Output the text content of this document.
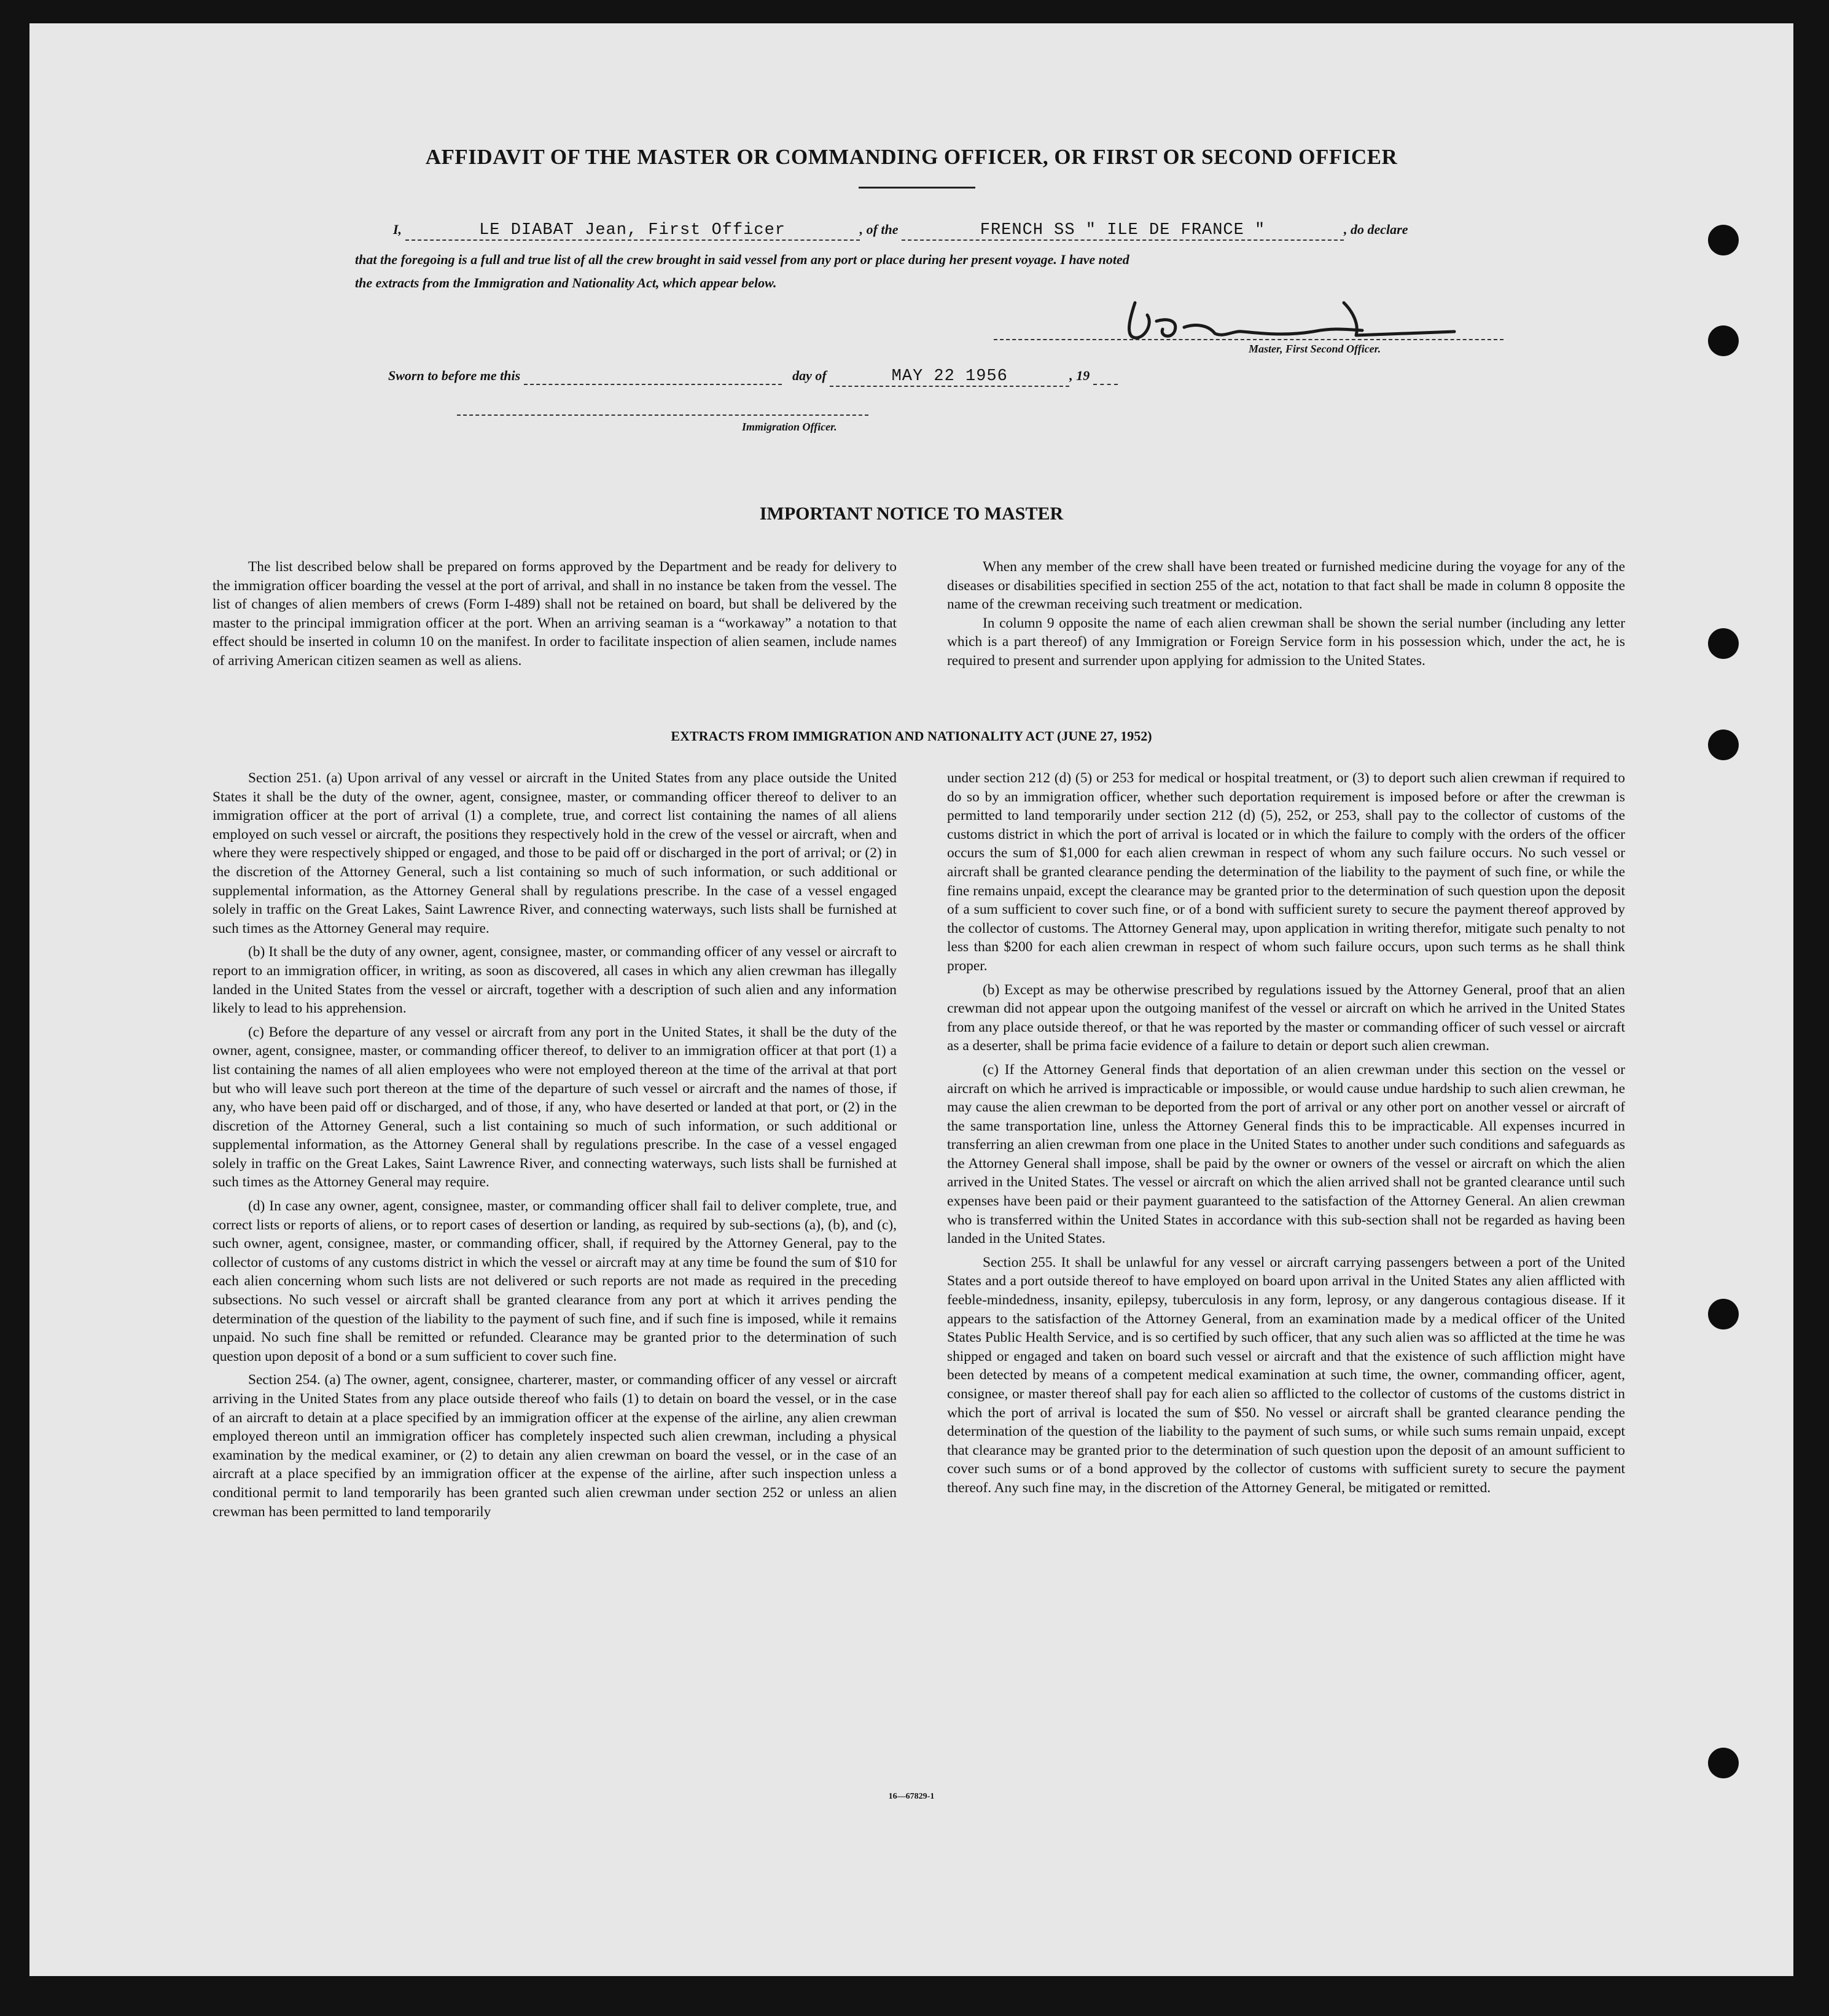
AFFIDAVIT OF THE MASTER OR COMMANDING OFFICER, OR FIRST OR SECOND OFFICER
I,	LE DIABAT Jean, First Officer	, of the	FRENCH SS " ILE DE FRANCE "	, do declare
that the foregoing is a full and true list of all the crew brought in said vessel from any port or place during her present voyage. I have noted
the extracts from the Immigration and Nationality Act, which appear below.
Master, First Second Officer.
Sworn to before me this	day of	MAY 22 1956	, 19
Immigration Officer.
IMPORTANT NOTICE TO MASTER

The list described below shall be prepared on forms approved by the Department and be ready for delivery to the immigration officer boarding the vessel at the port of arrival, and shall in no instance be taken from the vessel. The list of changes of alien members of crews (Form I-489) shall not be retained on board, but shall be delivered by the master to the principal immigration officer at the port. When an arriving seaman is a “workaway” a notation to that effect should be inserted in column 10 on the manifest. In order to facilitate inspection of alien seamen, include names of arriving American citizen seamen as well as aliens.

When any member of the crew shall have been treated or furnished medicine during the voyage for any of the diseases or disabilities specified in section 255 of the act, notation to that fact shall be made in column 8 opposite the name of the crewman receiving such treatment or medication.

In column 9 opposite the name of each alien crewman shall be shown the serial number (including any letter which is a part thereof) of any Immigration or Foreign Service form in his possession which, under the act, he is required to present and surrender upon applying for admission to the United States.

EXTRACTS FROM IMMIGRATION AND NATIONALITY ACT (JUNE 27, 1952)

Section 251. (a) Upon arrival of any vessel or aircraft in the United States from any place outside the United States it shall be the duty of the owner, agent, consignee, master, or commanding officer thereof to deliver to an immigration officer at the port of arrival (1) a complete, true, and correct list containing the names of all aliens employed on such vessel or aircraft, the positions they respectively hold in the crew of the vessel or aircraft, when and where they were respectively shipped or engaged, and those to be paid off or discharged in the port of arrival; or (2) in the discretion of the Attorney General, such a list containing so much of such information, or such additional or supplemental information, as the Attorney General shall by regulations prescribe. In the case of a vessel engaged solely in traffic on the Great Lakes, Saint Lawrence River, and connecting waterways, such lists shall be furnished at such times as the Attorney General may require.

(b) It shall be the duty of any owner, agent, consignee, master, or commanding officer of any vessel or aircraft to report to an immigration officer, in writing, as soon as discovered, all cases in which any alien crewman has illegally landed in the United States from the vessel or aircraft, together with a description of such alien and any information likely to lead to his apprehension.

(c) Before the departure of any vessel or aircraft from any port in the United States, it shall be the duty of the owner, agent, consignee, master, or commanding officer thereof, to deliver to an immigration officer at that port (1) a list containing the names of all alien employees who were not employed thereon at the time of the arrival at that port but who will leave such port thereon at the time of the departure of such vessel or aircraft and the names of those, if any, who have been paid off or discharged, and of those, if any, who have deserted or landed at that port, or (2) in the discretion of the Attorney General, such a list containing so much of such information, or such additional or supplemental information, as the Attorney General shall by regulations prescribe. In the case of a vessel engaged solely in traffic on the Great Lakes, Saint Lawrence River, and connecting waterways, such lists shall be furnished at such times as the Attorney General may require.

(d) In case any owner, agent, consignee, master, or commanding officer shall fail to deliver complete, true, and correct lists or reports of aliens, or to report cases of desertion or landing, as required by sub-sections (a), (b), and (c), such owner, agent, consignee, master, or commanding officer, shall, if required by the Attorney General, pay to the collector of customs of any customs district in which the vessel or aircraft may at any time be found the sum of $10 for each alien concerning whom such lists are not delivered or such reports are not made as required in the preceding subsections. No such vessel or aircraft shall be granted clearance from any port at which it arrives pending the determination of the question of the liability to the payment of such fine, and if such fine is imposed, while it remains unpaid. No such fine shall be remitted or refunded. Clearance may be granted prior to the determination of such question upon deposit of a bond or a sum sufficient to cover such fine.

Section 254. (a) The owner, agent, consignee, charterer, master, or commanding officer of any vessel or aircraft arriving in the United States from any place outside thereof who fails (1) to detain on board the vessel, or in the case of an aircraft to detain at a place specified by an immigration officer at the expense of the airline, any alien crewman employed thereon until an immigration officer has completely inspected such alien crewman, including a physical examination by the medical examiner, or (2) to detain any alien crewman on board the vessel, or in the case of an aircraft at a place specified by an immigration officer at the expense of the airline, after such inspection unless a conditional permit to land temporarily has been granted such alien crewman under section 252 or unless an alien crewman has been permitted to land temporarily

under section 212 (d) (5) or 253 for medical or hospital treatment, or (3) to deport such alien crewman if required to do so by an immigration officer, whether such deportation requirement is imposed before or after the crewman is permitted to land temporarily under section 212 (d) (5), 252, or 253, shall pay to the collector of customs of the customs district in which the port of arrival is located or in which the failure to comply with the orders of the officer occurs the sum of $1,000 for each alien crewman in respect of whom any such failure occurs. No such vessel or aircraft shall be granted clearance pending the determination of the liability to the payment of such fine, or while the fine remains unpaid, except the clearance may be granted prior to the determination of such question upon the deposit of a sum sufficient to cover such fine, or of a bond with sufficient surety to secure the payment thereof approved by the collector of customs. The Attorney General may, upon application in writing therefor, mitigate such penalty to not less than $200 for each alien crewman in respect of whom such failure occurs, upon such terms as he shall think proper.

(b) Except as may be otherwise prescribed by regulations issued by the Attorney General, proof that an alien crewman did not appear upon the outgoing manifest of the vessel or aircraft on which he arrived in the United States from any place outside thereof, or that he was reported by the master or commanding officer of such vessel or aircraft as a deserter, shall be prima facie evidence of a failure to detain or deport such alien crewman.

(c) If the Attorney General finds that deportation of an alien crewman under this section on the vessel or aircraft on which he arrived is impracticable or impossible, or would cause undue hardship to such alien crewman, he may cause the alien crewman to be deported from the port of arrival or any other port on another vessel or aircraft of the same transportation line, unless the Attorney General finds this to be impracticable. All expenses incurred in transferring an alien crewman from one place in the United States to another under such conditions and safeguards as the Attorney General shall impose, shall be paid by the owner or owners of the vessel or aircraft on which the alien arrived in the United States. The vessel or aircraft on which the alien arrived shall not be granted clearance until such expenses have been paid or their payment guaranteed to the satisfaction of the Attorney General. An alien crewman who is transferred within the United States in accordance with this sub-section shall not be regarded as having been landed in the United States.

Section 255. It shall be unlawful for any vessel or aircraft carrying passengers between a port of the United States and a port outside thereof to have employed on board upon arrival in the United States any alien afflicted with feeble-mindedness, insanity, epilepsy, tuberculosis in any form, leprosy, or any dangerous contagious disease. If it appears to the satisfaction of the Attorney General, from an examination made by a medical officer of the United States Public Health Service, and is so certified by such officer, that any such alien was so afflicted at the time he was shipped or engaged and taken on board such vessel or aircraft and that the existence of such affliction might have been detected by means of a competent medical examination at such time, the owner, commanding officer, agent, consignee, or master thereof shall pay for each alien so afflicted to the collector of customs of the customs district in which the port of arrival is located the sum of $50. No vessel or aircraft shall be granted clearance pending the determination of the question of the liability to the payment of such sums, or while such sums remain unpaid, except that clearance may be granted prior to the determination of such question upon the deposit of an amount sufficient to cover such sums or of a bond approved by the collector of customs with sufficient surety to secure the payment thereof. Any such fine may, in the discretion of the Attorney General, be mitigated or remitted.

16—67829-1
